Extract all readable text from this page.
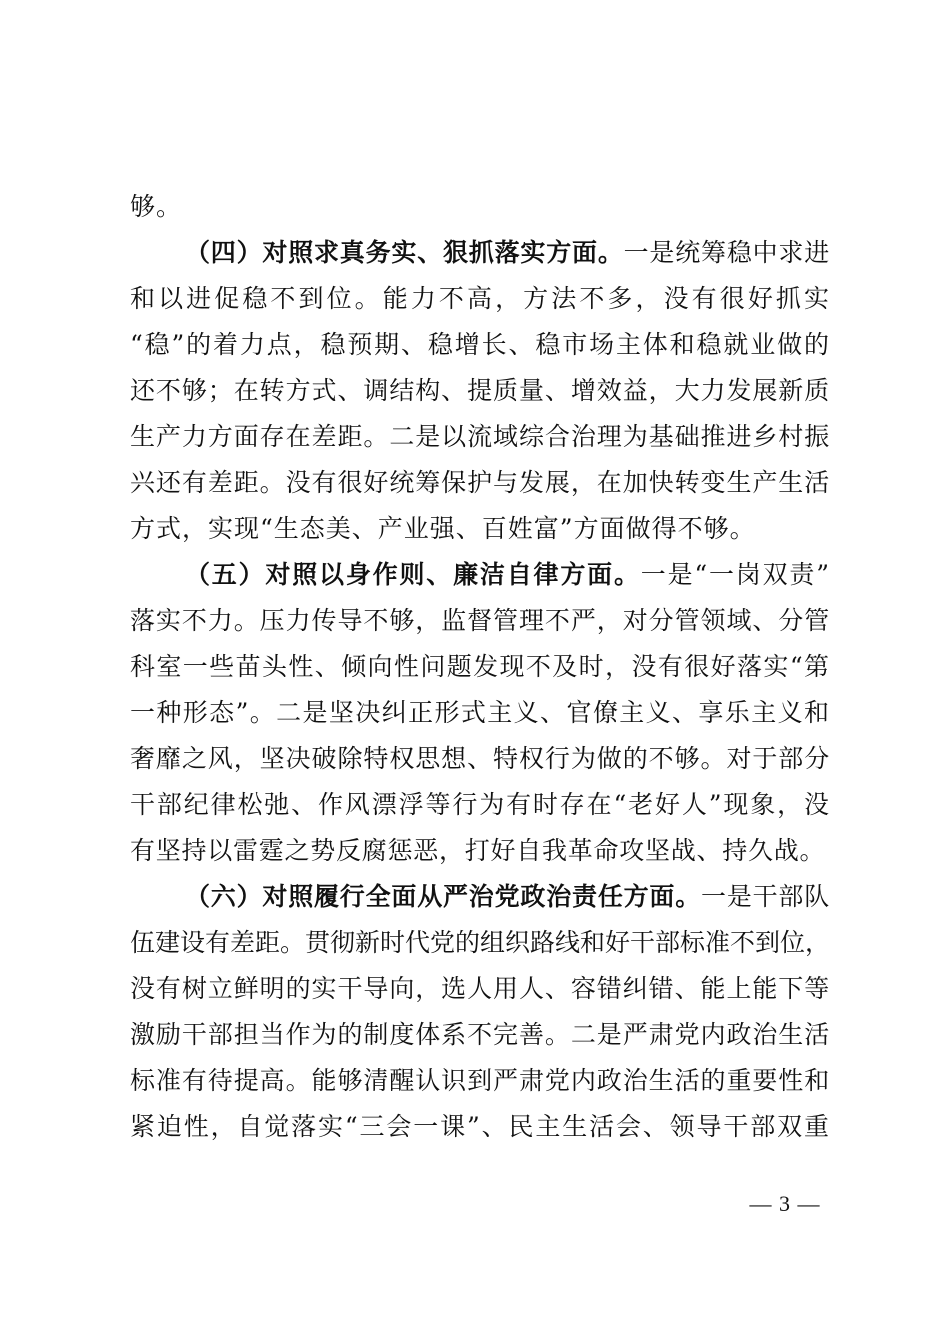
够。
（四）对照求真务实、狠抓落实方面。一是统筹稳中求进
和以进促稳不到位。能力不高，方法不多，没有很好抓实
“稳”的着力点，稳预期、稳增长、稳市场主体和稳就业做的
还不够；在转方式、调结构、提质量、增效益，大力发展新质
生产力方面存在差距。二是以流域综合治理为基础推进乡村振
兴还有差距。没有很好统筹保护与发展，在加快转变生产生活
方式，实现“生态美、产业强、百姓富”方面做得不够。
（五）对照以身作则、廉洁自律方面。一是“一岗双责”
落实不力。压力传导不够，监督管理不严，对分管领域、分管
科室一些苗头性、倾向性问题发现不及时，没有很好落实“第
一种形态”。二是坚决纠正形式主义、官僚主义、享乐主义和
奢靡之风，坚决破除特权思想、特权行为做的不够。对于部分
干部纪律松弛、作风漂浮等行为有时存在“老好人”现象，没
有坚持以雷霆之势反腐惩恶，打好自我革命攻坚战、持久战。
（六）对照履行全面从严治党政治责任方面。一是干部队
伍建设有差距。贯彻新时代党的组织路线和好干部标准不到位，
没有树立鲜明的实干导向，选人用人、容错纠错、能上能下等
激励干部担当作为的制度体系不完善。二是严肃党内政治生活
标准有待提高。能够清醒认识到严肃党内政治生活的重要性和
紧迫性，自觉落实“三会一课”、民主生活会、领导干部双重
— 3 —
